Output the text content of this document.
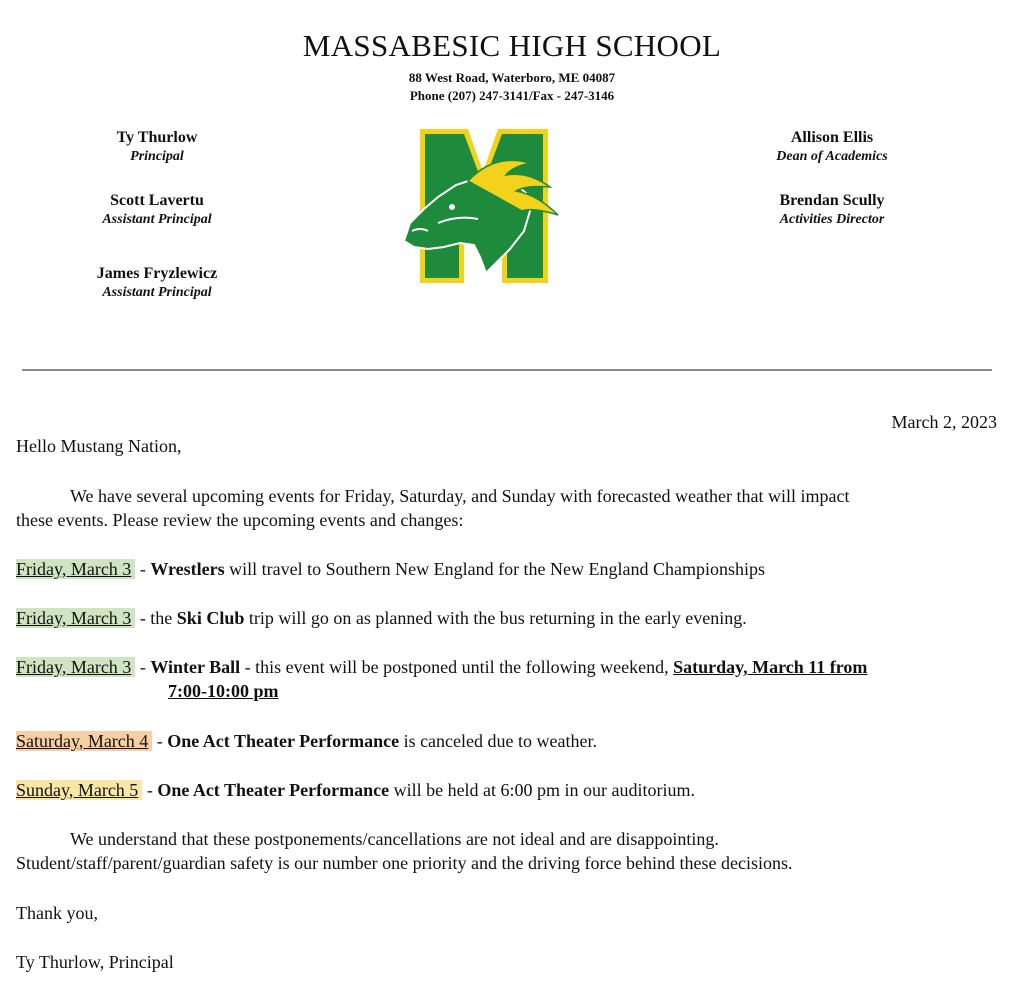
MASSABESIC HIGH SCHOOL
88 West Road, Waterboro, ME 04087
Phone (207) 247-3141/Fax - 247-3146
Ty Thurlow
Principal
Scott Lavertu
Assistant Principal
James Fryzlewicz
Assistant Principal
Allison Ellis
Dean of Academics
Brendan Scully
Activities Director
March 2, 2023
Hello Mustang Nation,
We have several upcoming events for Friday, Saturday, and Sunday with forecasted weather that will impact
these events. Please review the upcoming events and changes:
Friday, March 3 - Wrestlers will travel to Southern New England for the New England Championships
Friday, March 3 - the Ski Club trip will go on as planned with the bus returning in the early evening.
Friday, March 3 - Winter Ball - this event will be postponed until the following weekend, Saturday, March 11 from
7:00-10:00 pm
Saturday, March 4 - One Act Theater Performance is canceled due to weather.
Sunday, March 5 - One Act Theater Performance will be held at 6:00 pm in our auditorium.
We understand that these postponements/cancellations are not ideal and are disappointing.
Student/staff/parent/guardian safety is our number one priority and the driving force behind these decisions.
Thank you,
Ty Thurlow, Principal
